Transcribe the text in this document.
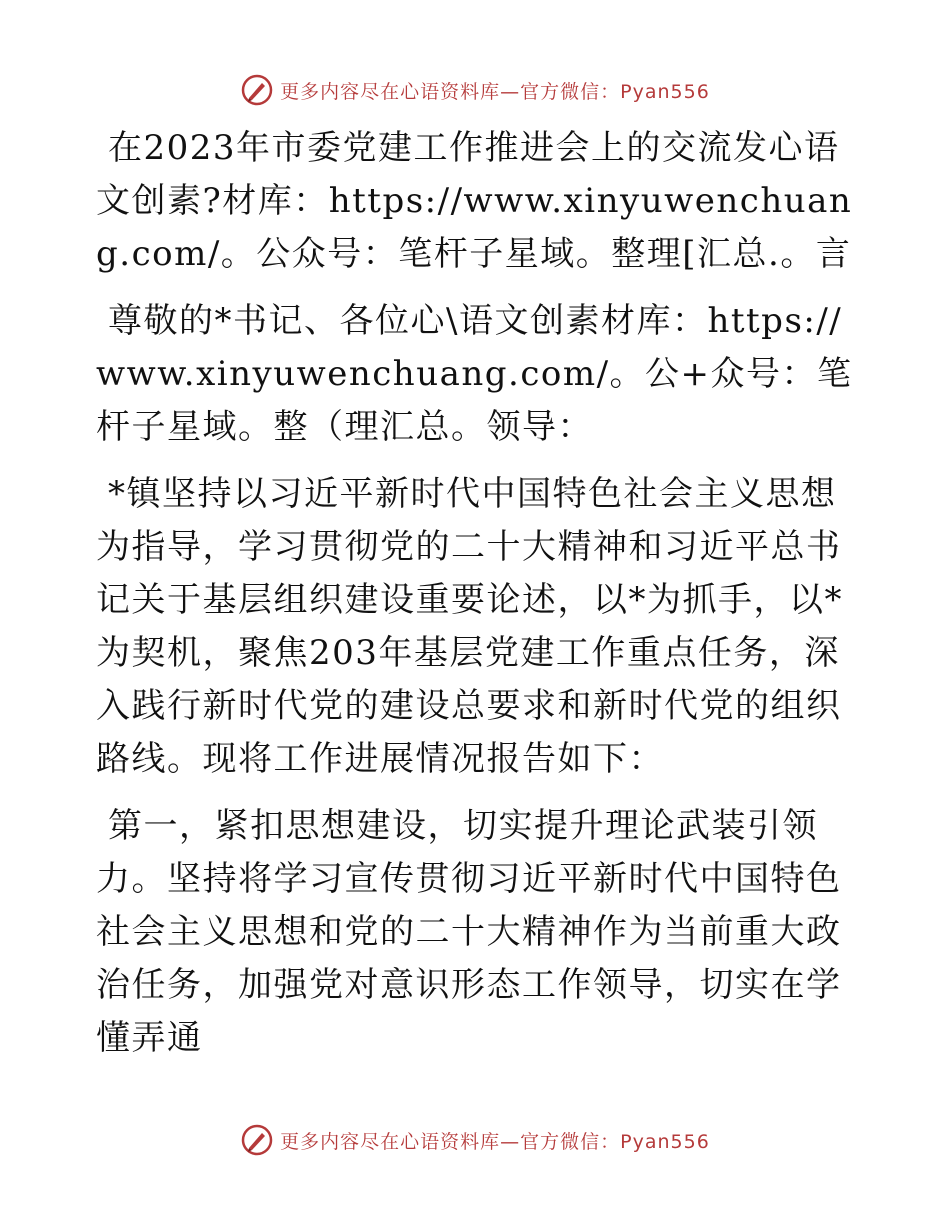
更多内容尽在心语资料库—官方微信：Pyan556

在2023年市委党建工作推进会上的交流发心语文创素?材库：https://www.xinyuwenchuang.com/。公众号：笔杆子星域。整理[汇总.。言

尊敬的*书记、各位心\语文创素材库：https://www.xinyuwenchuang.com/。公+众号：笔杆子星域。整（理汇总。领导：

*镇坚持以习近平新时代中国特色社会主义思想为指导，学习贯彻党的二十大精神和习近平总书记关于基层组织建设重要论述，以*为抓手，以*为契机，聚焦203年基层党建工作重点任务，深入践行新时代党的建设总要求和新时代党的组织路线。现将工作进展情况报告如下：

第一，紧扣思想建设，切实提升理论武装引领力。坚持将学习宣传贯彻习近平新时代中国特色社会主义思想和党的二十大精神作为当前重大政治任务，加强党对意识形态工作领导，切实在学懂弄通

更多内容尽在心语资料库—官方微信：Pyan556
